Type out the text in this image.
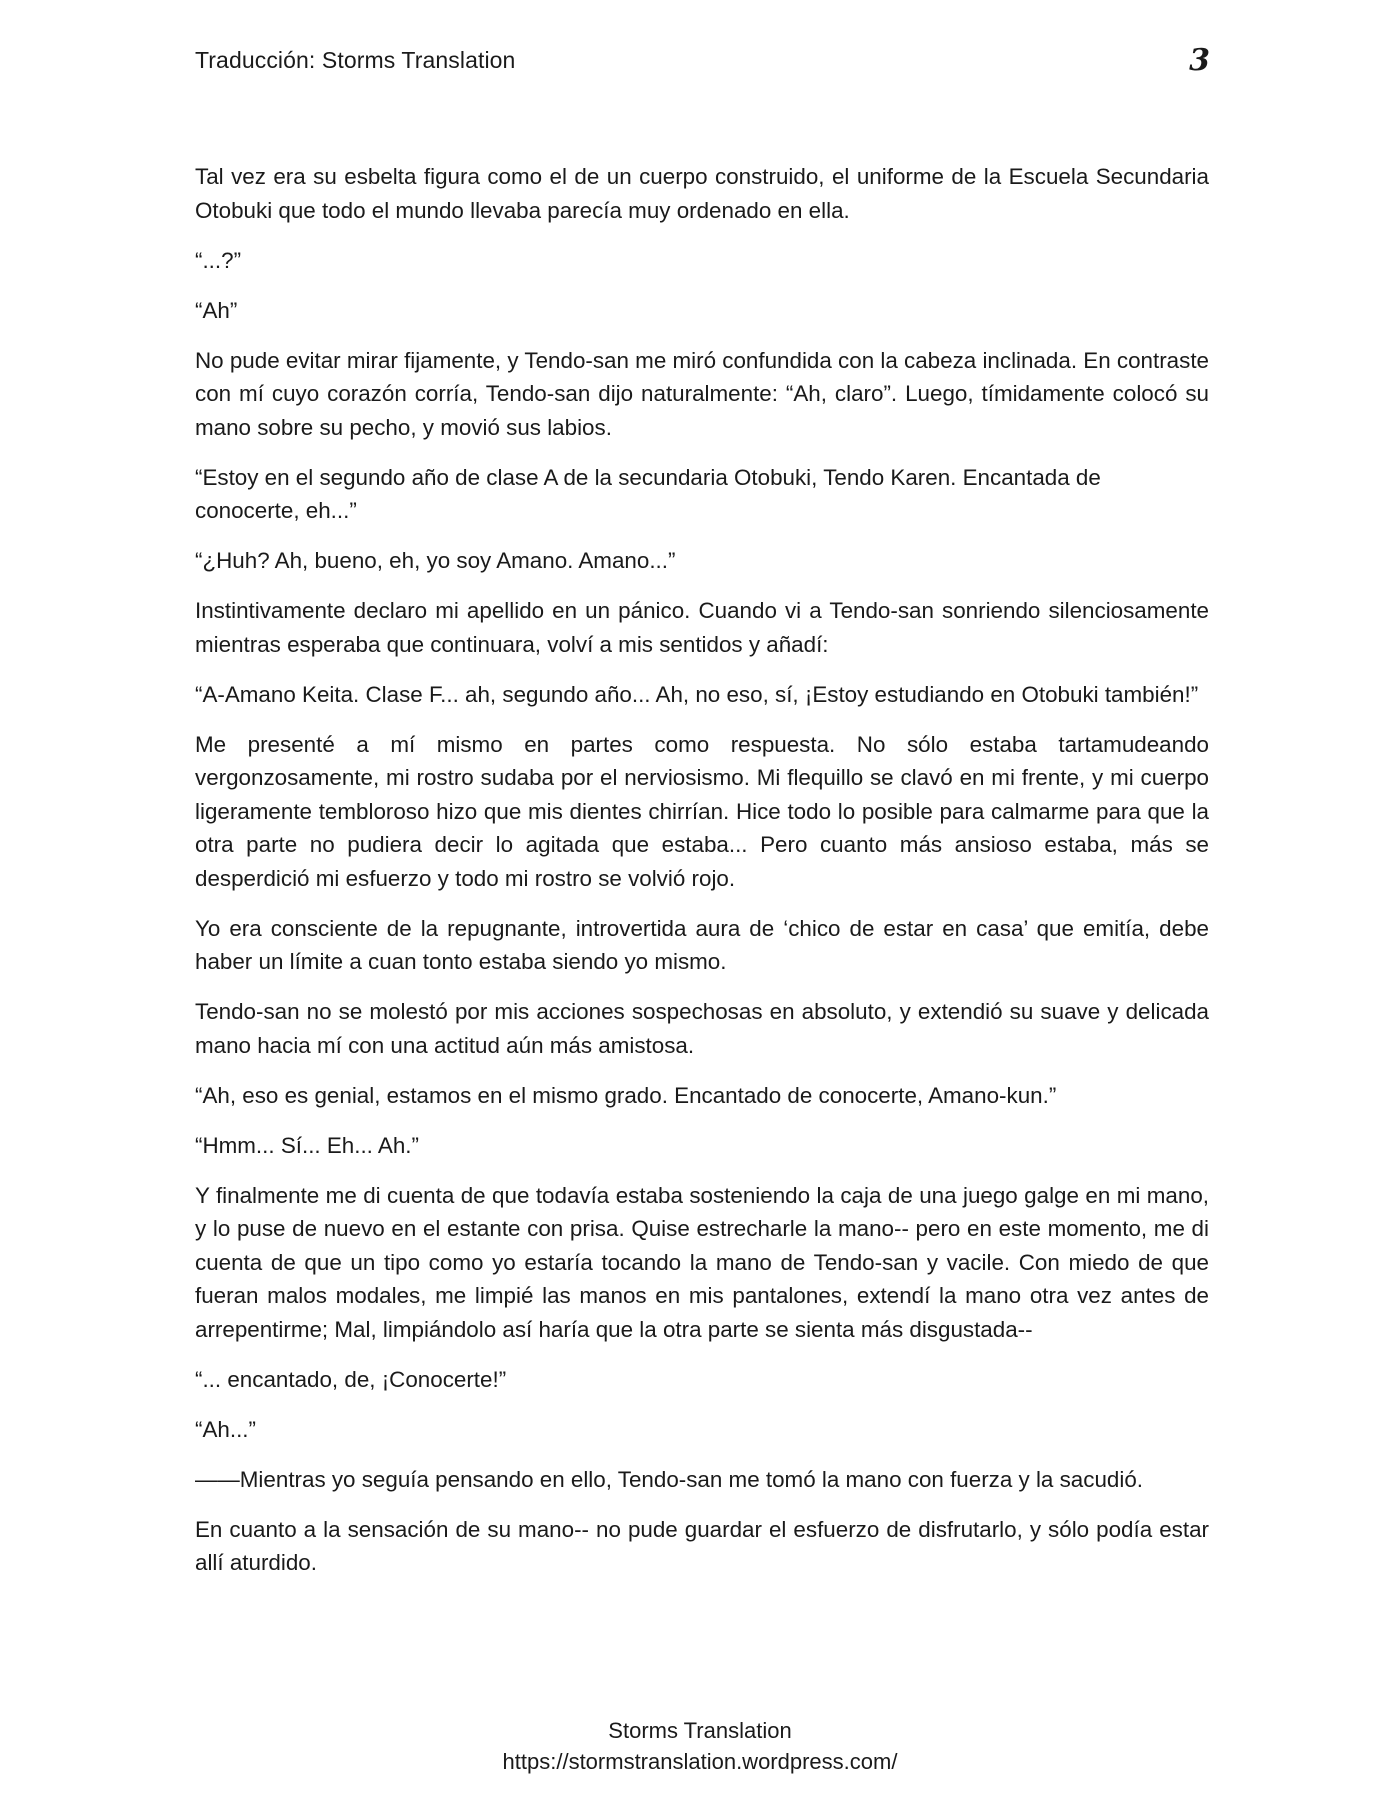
Traducción: Storms Translation	3

Tal vez era su esbelta figura como el de un cuerpo construido, el uniforme de la Escuela Secundaria Otobuki que todo el mundo llevaba parecía muy ordenado en ella.

“...?”

“Ah”

No pude evitar mirar fijamente, y Tendo-san me miró confundida con la cabeza inclinada. En contraste con mí cuyo corazón corría, Tendo-san dijo naturalmente: “Ah, claro”. Luego, tímidamente colocó su mano sobre su pecho, y movió sus labios.

“Estoy en el segundo año de clase A de la secundaria Otobuki, Tendo Karen. Encantada de conocerte, eh...”

“¿Huh? Ah, bueno, eh, yo soy Amano. Amano...”

Instintivamente declaro mi apellido en un pánico. Cuando vi a Tendo-san sonriendo silenciosamente mientras esperaba que continuara, volví a mis sentidos y añadí:

“A-Amano Keita. Clase F... ah, segundo año... Ah, no eso, sí, ¡Estoy estudiando en Otobuki también!”

Me presenté a mí mismo en partes como respuesta. No sólo estaba tartamudeando vergonzosamente, mi rostro sudaba por el nerviosismo. Mi flequillo se clavó en mi frente, y mi cuerpo ligeramente tembloroso hizo que mis dientes chirrían. Hice todo lo posible para calmarme para que la otra parte no pudiera decir lo agitada que estaba... Pero cuanto más ansioso estaba, más se desperdició mi esfuerzo y todo mi rostro se volvió rojo.

Yo era consciente de la repugnante, introvertida aura de ‘chico de estar en casa’ que emitía, debe haber un límite a cuan tonto estaba siendo yo mismo.

Tendo-san no se molestó por mis acciones sospechosas en absoluto, y extendió su suave y delicada mano hacia mí con una actitud aún más amistosa.

“Ah, eso es genial, estamos en el mismo grado. Encantado de conocerte, Amano-kun.”

“Hmm... Sí... Eh... Ah.”

Y finalmente me di cuenta de que todavía estaba sosteniendo la caja de una juego galge en mi mano, y lo puse de nuevo en el estante con prisa. Quise estrecharle la mano-- pero en este momento, me di cuenta de que un tipo como yo estaría tocando la mano de Tendo-san y vacile. Con miedo de que fueran malos modales, me limpié las manos en mis pantalones, extendí la mano otra vez antes de arrepentirme; Mal, limpiándolo así haría que la otra parte se sienta más disgustada--

“... encantado, de, ¡Conocerte!”

“Ah...”

——Mientras yo seguía pensando en ello, Tendo-san me tomó la mano con fuerza y la sacudió.

En cuanto a la sensación de su mano-- no pude guardar el esfuerzo de disfrutarlo, y sólo podía estar allí aturdido.

Storms Translation
https://stormstranslation.wordpress.com/
